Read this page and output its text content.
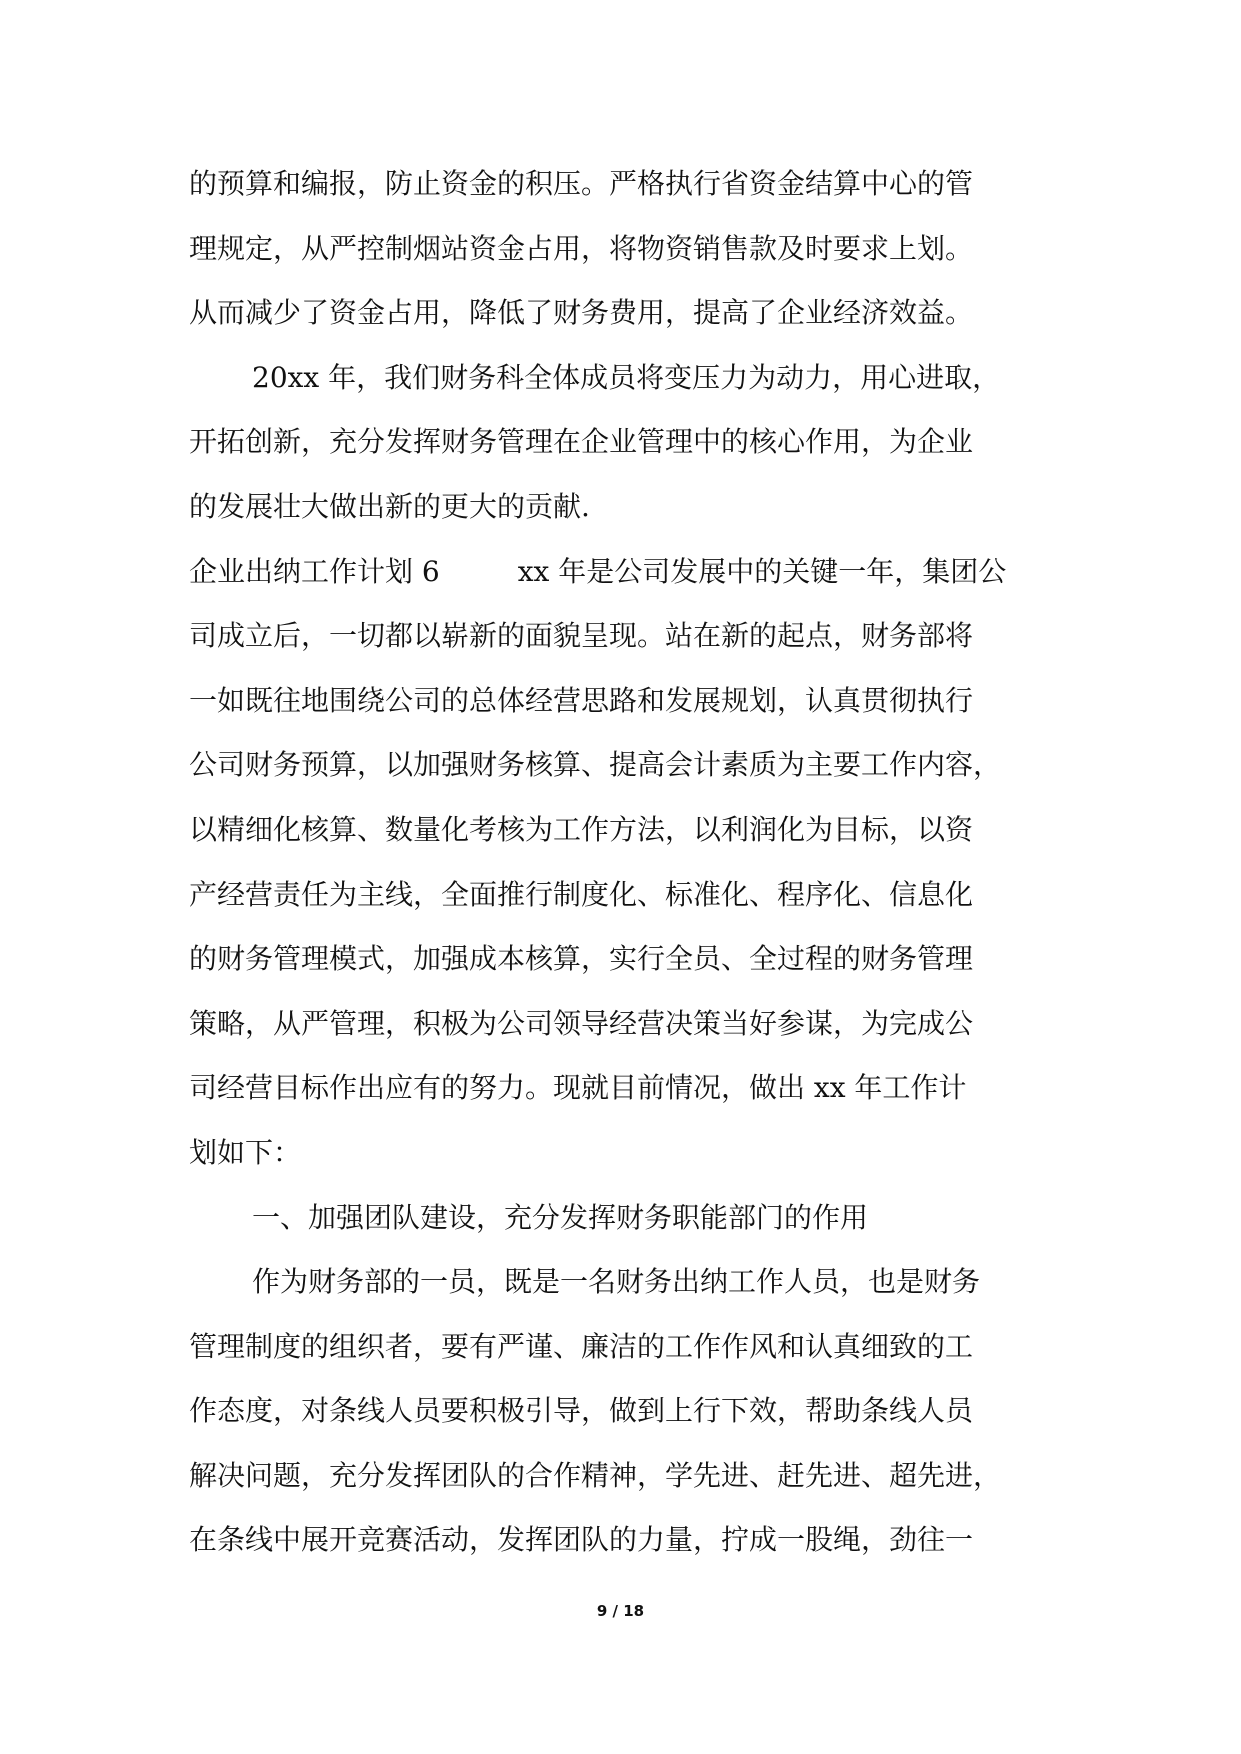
的预算和编报，防止资金的积压。严格执行省资金结算中心的管
理规定，从严控制烟站资金占用，将物资销售款及时要求上划。
从而减少了资金占用，降低了财务费用，提高了企业经济效益。
20xx 年，我们财务科全体成员将变压力为动力，用心进取，
开拓创新，充分发挥财务管理在企业管理中的核心作用，为企业
的发展壮大做出新的更大的贡献.
企业出纳工作计划 6	xx 年是公司发展中的关键一年，集团公
司成立后，一切都以崭新的面貌呈现。站在新的起点，财务部将
一如既往地围绕公司的总体经营思路和发展规划，认真贯彻执行
公司财务预算，以加强财务核算、提高会计素质为主要工作内容，
以精细化核算、数量化考核为工作方法，以利润化为目标，以资
产经营责任为主线，全面推行制度化、标准化、程序化、信息化
的财务管理模式，加强成本核算，实行全员、全过程的财务管理
策略，从严管理，积极为公司领导经营决策当好参谋，为完成公
司经营目标作出应有的努力。现就目前情况，做出 xx 年工作计
划如下：
一、加强团队建设，充分发挥财务职能部门的作用
作为财务部的一员，既是一名财务出纳工作人员，也是财务
管理制度的组织者，要有严谨、廉洁的工作作风和认真细致的工
作态度，对条线人员要积极引导，做到上行下效，帮助条线人员
解决问题，充分发挥团队的合作精神，学先进、赶先进、超先进，
在条线中展开竞赛活动，发挥团队的力量，拧成一股绳，劲往一
9 / 18
